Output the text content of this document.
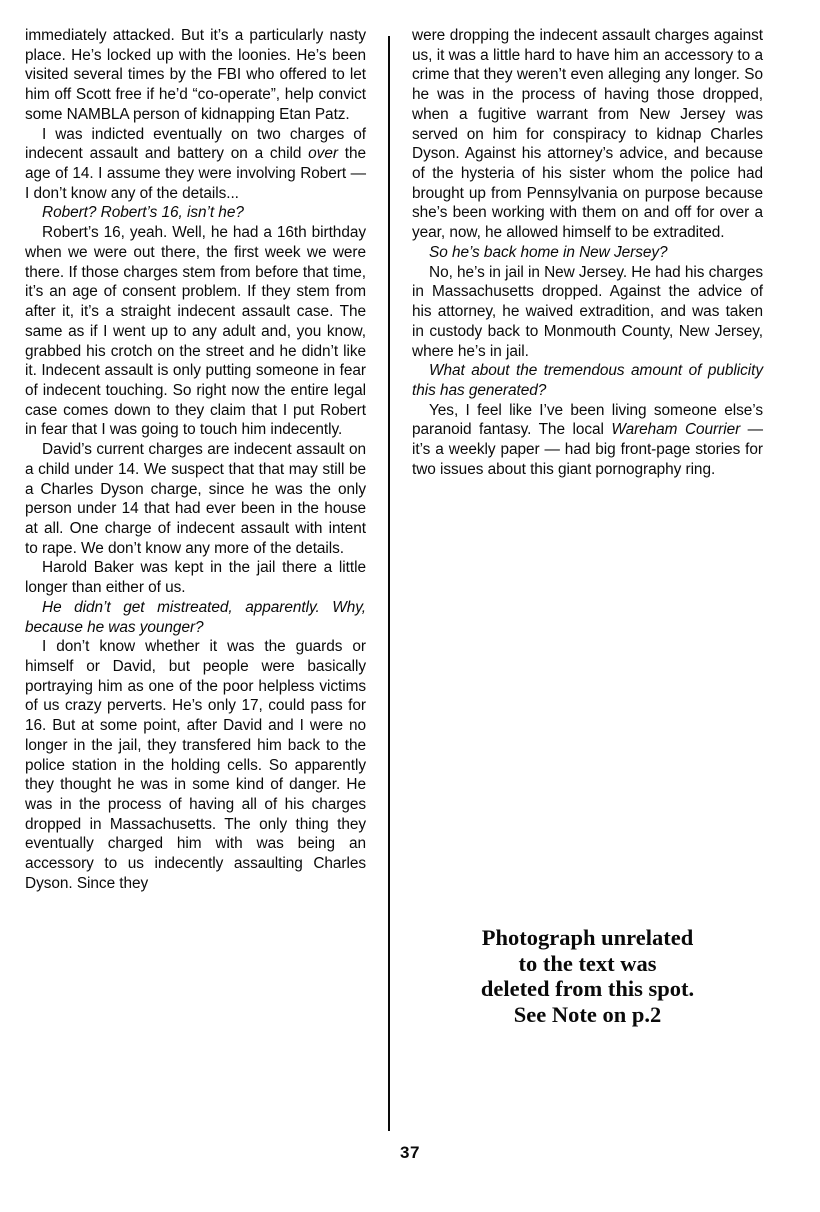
immediately attacked. But it’s a particularly nasty place. He’s locked up with the loonies. He’s been visited several times by the FBI who offered to let him off Scott free if he’d “co-operate”, help convict some NAMBLA person of kidnapping Etan Patz.

I was indicted eventually on two charges of indecent assault and battery on a child over the age of 14. I assume they were involving Robert — I don’t know any of the details...

Robert? Robert’s 16, isn’t he?

Robert’s 16, yeah. Well, he had a 16th birthday when we were out there, the first week we were there. If those charges stem from before that time, it’s an age of consent problem. If they stem from after it, it’s a straight indecent assault case. The same as if I went up to any adult and, you know, grabbed his crotch on the street and he didn’t like it. Indecent assault is only putting someone in fear of indecent touching. So right now the entire legal case comes down to they claim that I put Robert in fear that I was going to touch him indecently.

David’s current charges are indecent assault on a child under 14. We suspect that that may still be a Charles Dyson charge, since he was the only person under 14 that had ever been in the house at all. One charge of indecent assault with intent to rape. We don’t know any more of the details.

Harold Baker was kept in the jail there a little longer than either of us.

He didn’t get mistreated, apparently. Why, because he was younger?

I don’t know whether it was the guards or himself or David, but people were basically portraying him as one of the poor helpless victims of us crazy perverts. He’s only 17, could pass for 16. But at some point, after David and I were no longer in the jail, they transfered him back to the police station in the holding cells. So apparently they thought he was in some kind of danger. He was in the process of having all of his charges dropped in Massachusetts. The only thing they eventually charged him with was being an accessory to us indecently assaulting Charles Dyson. Since they

were dropping the indecent assault charges against us, it was a little hard to have him an accessory to a crime that they weren’t even alleging any longer. So he was in the process of having those dropped, when a fugitive warrant from New Jersey was served on him for conspiracy to kidnap Charles Dyson. Against his attorney’s advice, and because of the hysteria of his sister whom the police had brought up from Pennsylvania on purpose because she’s been working with them on and off for over a year, now, he allowed himself to be extradited.

So he’s back home in New Jersey?

No, he’s in jail in New Jersey. He had his charges in Massachusetts dropped. Against the advice of his attorney, he waived extradition, and was taken in custody back to Monmouth County, New Jersey, where he’s in jail.

What about the tremendous amount of publicity this has generated?

Yes, I feel like I’ve been living someone else’s paranoid fantasy. The local Wareham Courrier — it’s a weekly paper — had big front-page stories for two issues about this giant pornography ring.

Photograph unrelated
to the text was
deleted from this spot.
See Note on p.2
37
